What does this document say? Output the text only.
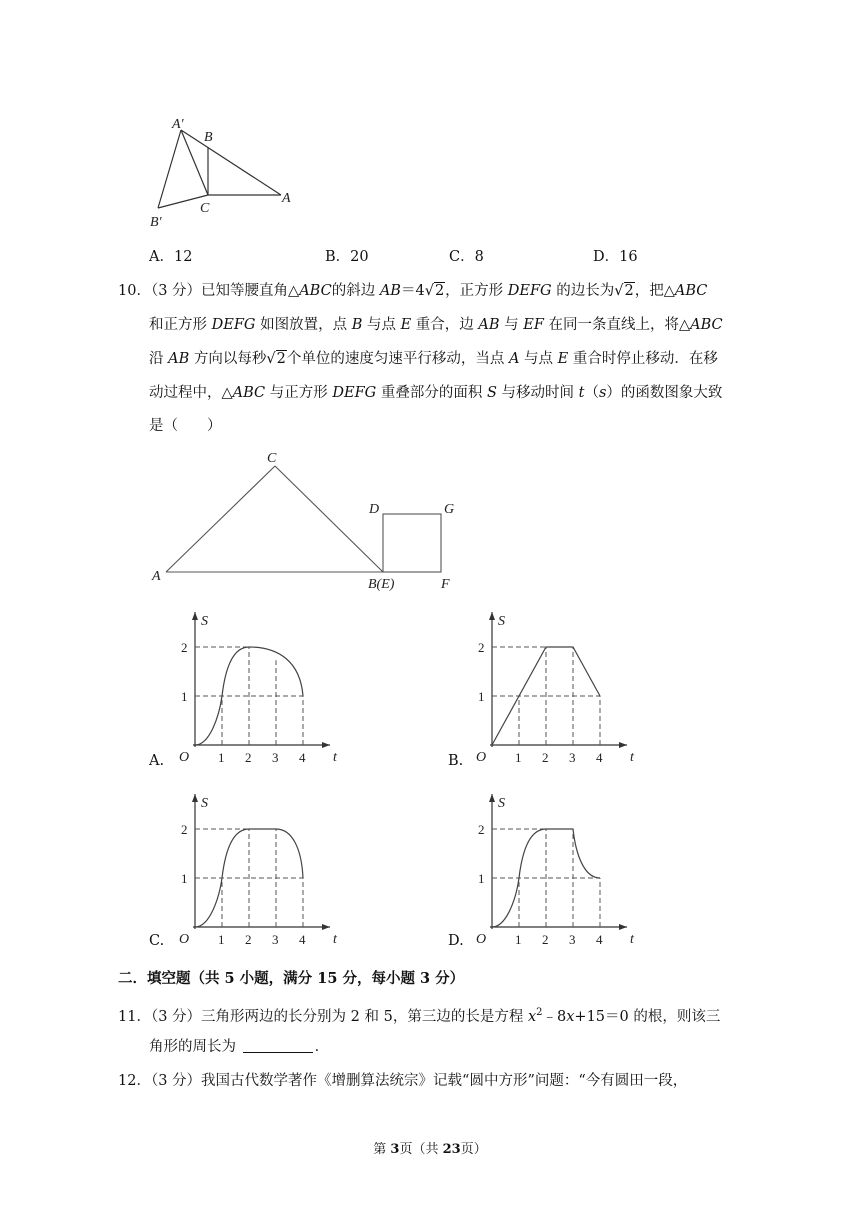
A′
B
B′
C
A
A．12	B．20	C．8	D．16
10．（3 分）已知等腰直角△ABC的斜边 AB＝4√2，正方形 DEFG 的边长为√2，把△ABC
和正方形 DEFG 如图放置，点 B 与点 E 重合，边 AB 与 EF 在同一条直线上，将△ABC
沿 AB 方向以每秒√2个单位的速度匀速平行移动，当点 A 与点 E 重合时停止移动．在移
动过程中，△ABC 与正方形 DEFG 重叠部分的面积 S 与移动时间 t（s）的函数图象大致
是（　　）
C
D	G
A
B(E)	F
S
t
O 1 2 3 4
1
2
S
t
O 1 2 3 4
1
2
S
t
O 1 2 3 4
1
2
S
t
O 1 2 3 4
1
2
A.	B.
C.	D.
二．填空题（共 5 小题，满分 15 分，每小题 3 分）
11．（3 分）三角形两边的长分别为 2 和 5，第三边的长是方程 $x^2﹣8x+15=0$ 的根，则该三
角形的周长为	．
12．（3 分）我国古代数学著作《增删算法统宗》记载“圆中方形”问题：“今有圆田一段，
第 3页（共 23页）
